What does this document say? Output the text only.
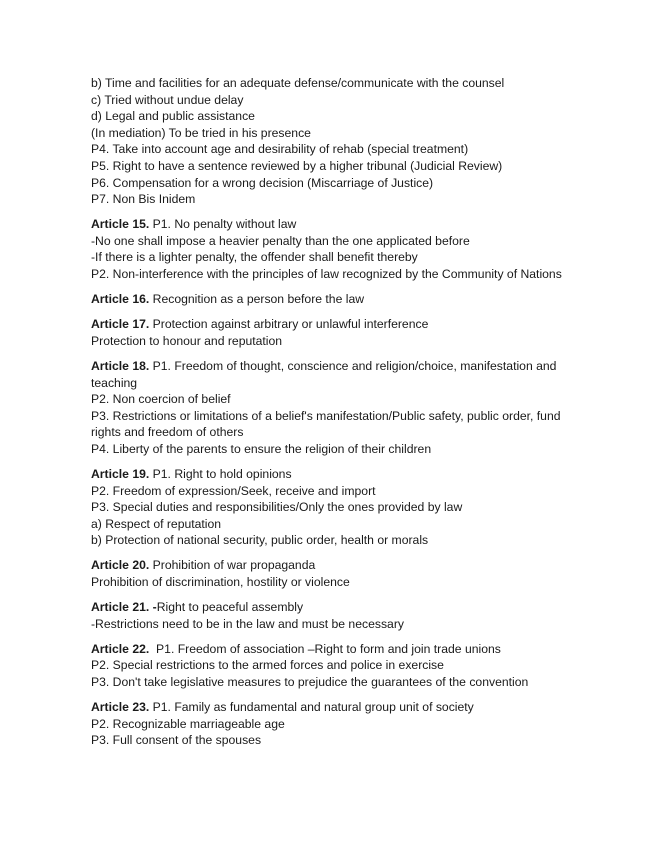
b) Time and facilities for an adequate defense/communicate with the counsel
c) Tried without undue delay
d) Legal and public assistance
(In mediation) To be tried in his presence
P4. Take into account age and desirability of rehab (special treatment)
P5. Right to have a sentence reviewed by a higher tribunal (Judicial Review)
P6. Compensation for a wrong decision (Miscarriage of Justice)
P7. Non Bis Inidem
Article 15. P1. No penalty without law
-No one shall impose a heavier penalty than the one applicated before
-If there is a lighter penalty, the offender shall benefit thereby
P2. Non-interference with the principles of law recognized by the Community of Nations
Article 16. Recognition as a person before the law
Article 17. Protection against arbitrary or unlawful interference
Protection to honour and reputation
Article 18. P1. Freedom of thought, conscience and religion/choice, manifestation and teaching
P2. Non coercion of belief
P3. Restrictions or limitations of a belief's manifestation/Public safety, public order, fund rights and freedom of others
P4. Liberty of the parents to ensure the religion of their children
Article 19. P1. Right to hold opinions
P2. Freedom of expression/Seek, receive and import
P3. Special duties and responsibilities/Only the ones provided by law
a) Respect of reputation
b) Protection of national security, public order, health or morals
Article 20. Prohibition of war propaganda
Prohibition of discrimination, hostility or violence
Article 21. -Right to peaceful assembly
-Restrictions need to be in the law and must be necessary
Article 22.  P1. Freedom of association –Right to form and join trade unions
P2. Special restrictions to the armed forces and police in exercise
P3. Don't take legislative measures to prejudice the guarantees of the convention
Article 23. P1. Family as fundamental and natural group unit of society
P2. Recognizable marriageable age
P3. Full consent of the spouses
